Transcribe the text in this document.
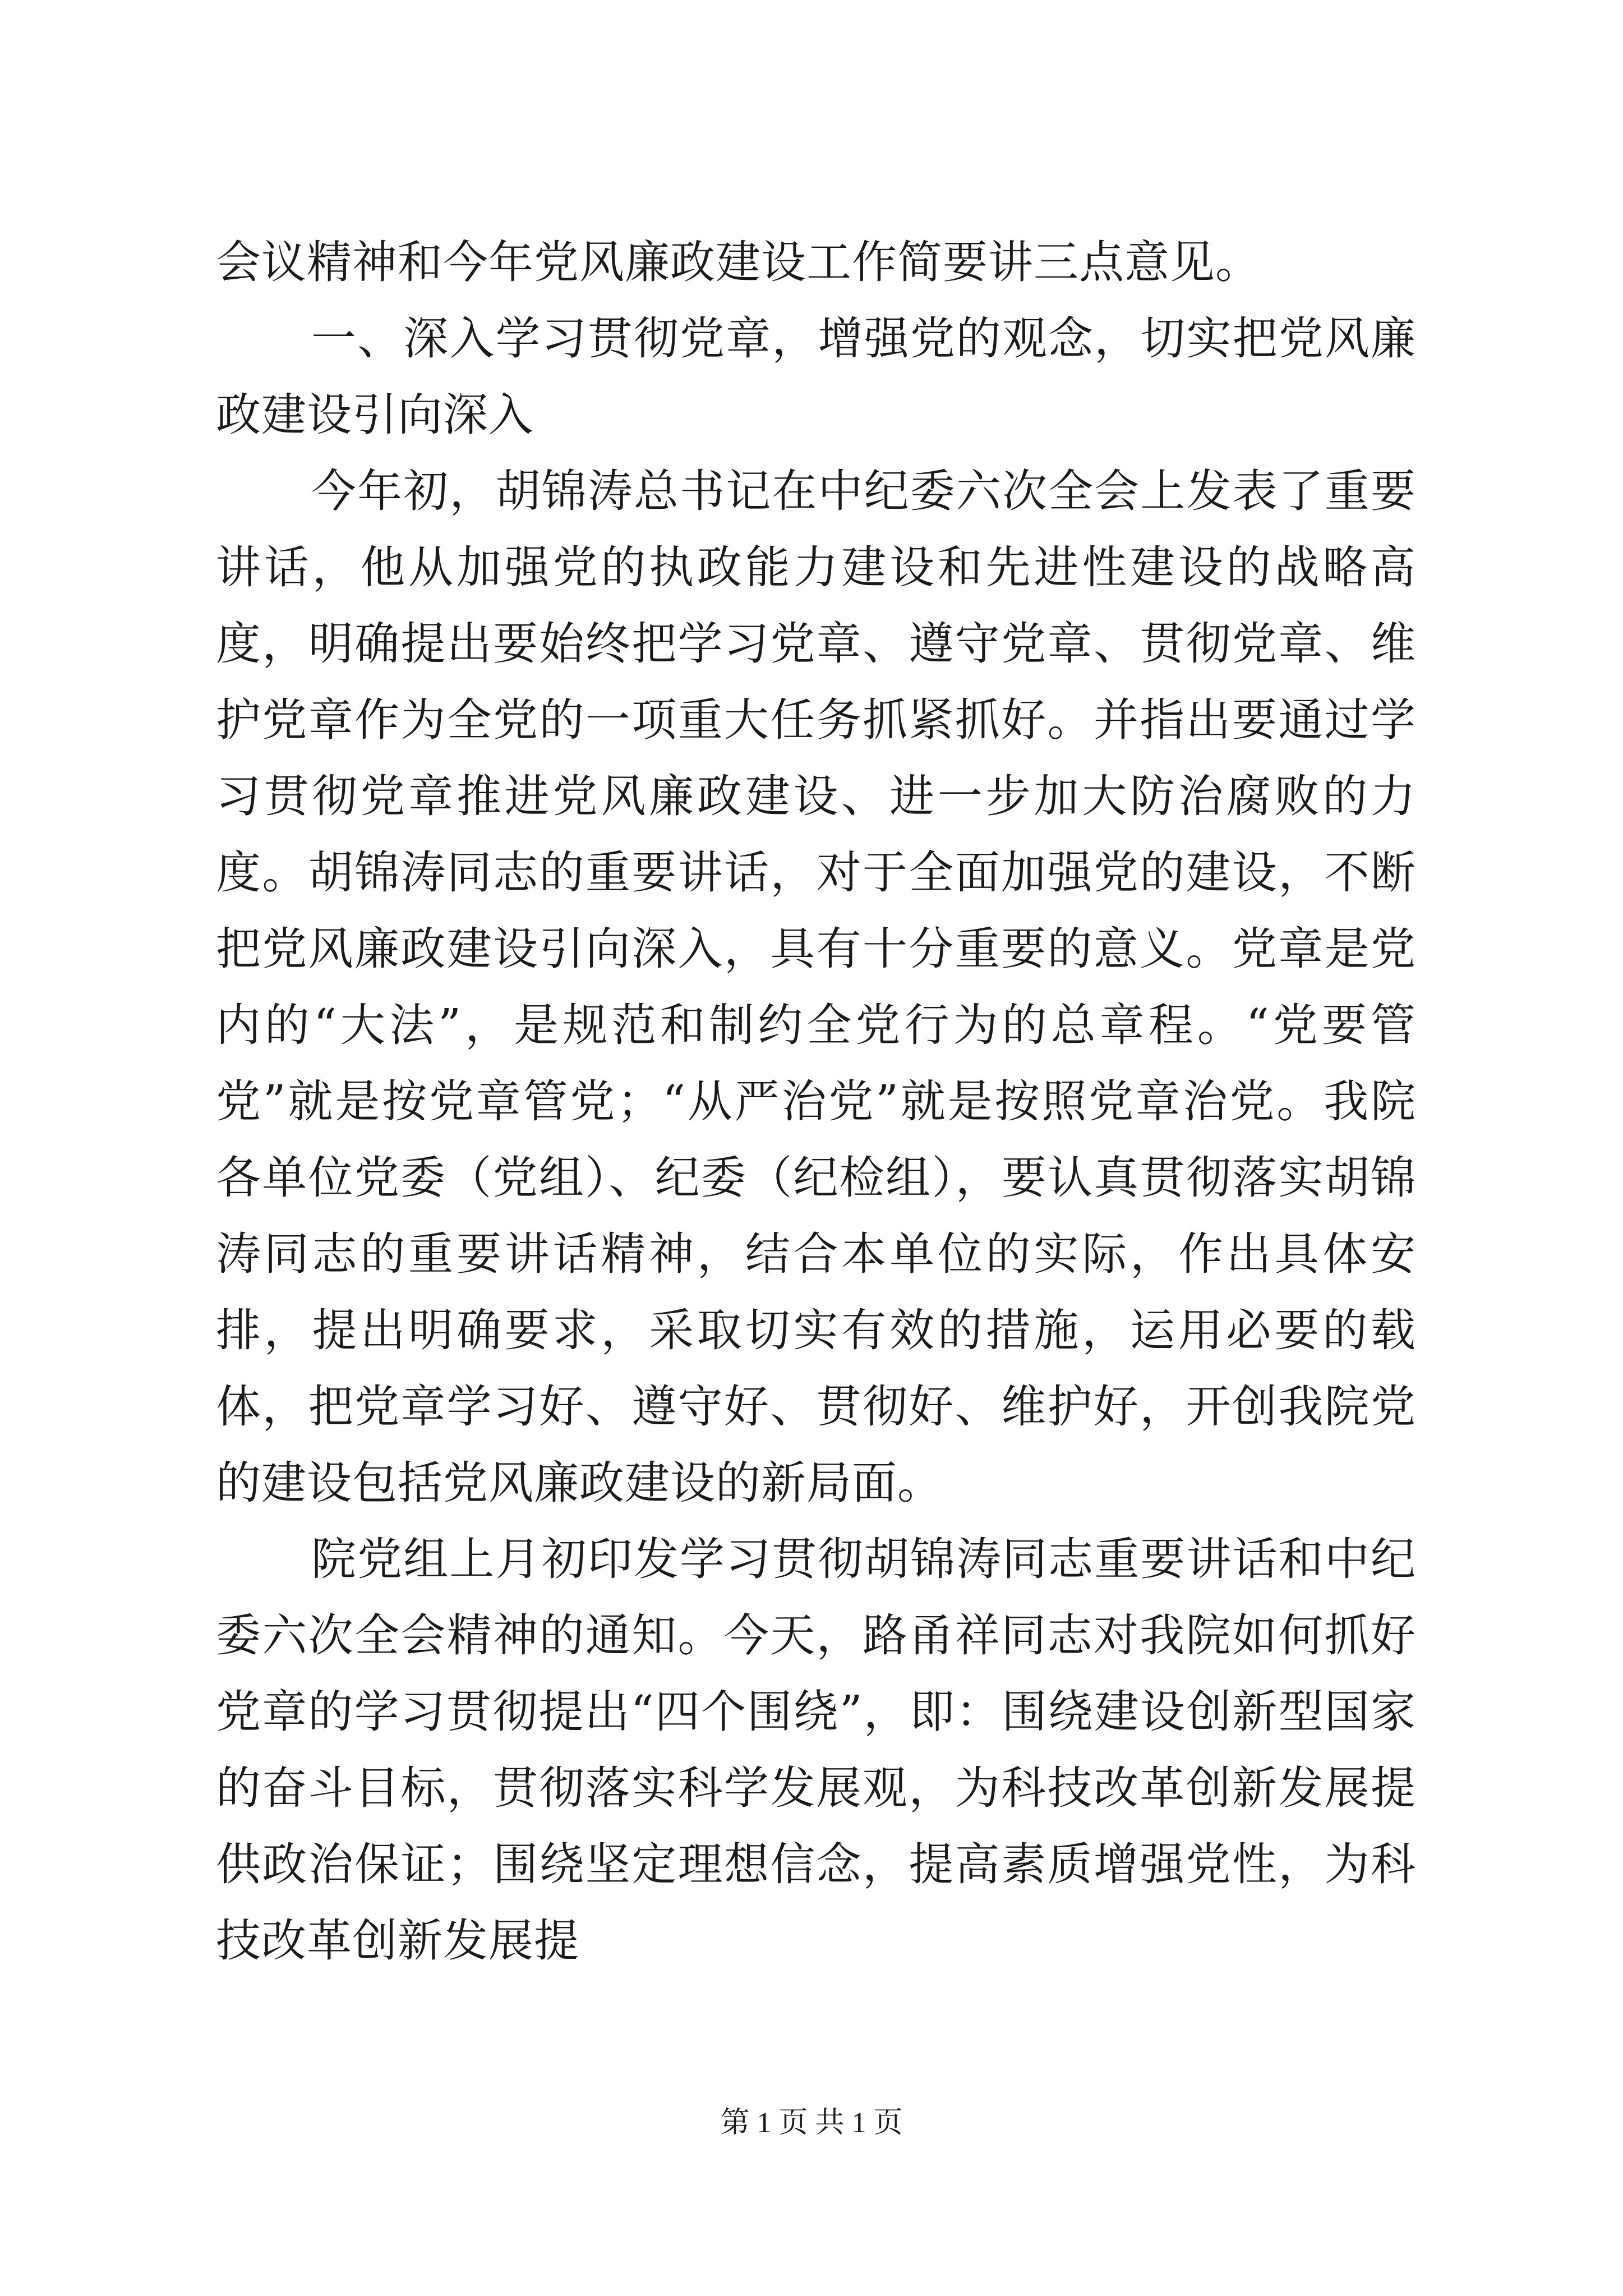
会议精神和今年党风廉政建设工作简要讲三点意见。

一、深入学习贯彻党章，增强党的观念，切实把党风廉政建设引向深入

今年初，胡锦涛总书记在中纪委六次全会上发表了重要讲话，他从加强党的执政能力建设和先进性建设的战略高度，明确提出要始终把学习党章、遵守党章、贯彻党章、维护党章作为全党的一项重大任务抓紧抓好。并指出要通过学习贯彻党章推进党风廉政建设、进一步加大防治腐败的力度。胡锦涛同志的重要讲话，对于全面加强党的建设，不断把党风廉政建设引向深入，具有十分重要的意义。党章是党内的“大法”，是规范和制约全党行为的总章程。“党要管党”就是按党章管党；“从严治党”就是按照党章治党。我院各单位党委（党组）、纪委（纪检组），要认真贯彻落实胡锦涛同志的重要讲话精神，结合本单位的实际，作出具体安排，提出明确要求，采取切实有效的措施，运用必要的载体，把党章学习好、遵守好、贯彻好、维护好，开创我院党的建设包括党风廉政建设的新局面。

院党组上月初印发学习贯彻胡锦涛同志重要讲话和中纪委六次全会精神的通知。今天，路甬祥同志对我院如何抓好党章的学习贯彻提出“四个围绕”，即：围绕建设创新型国家的奋斗目标，贯彻落实科学发展观，为科技改革创新发展提供政治保证；围绕坚定理想信念，提高素质增强党性，为科技改革创新发展提

第 1 页 共 1 页
